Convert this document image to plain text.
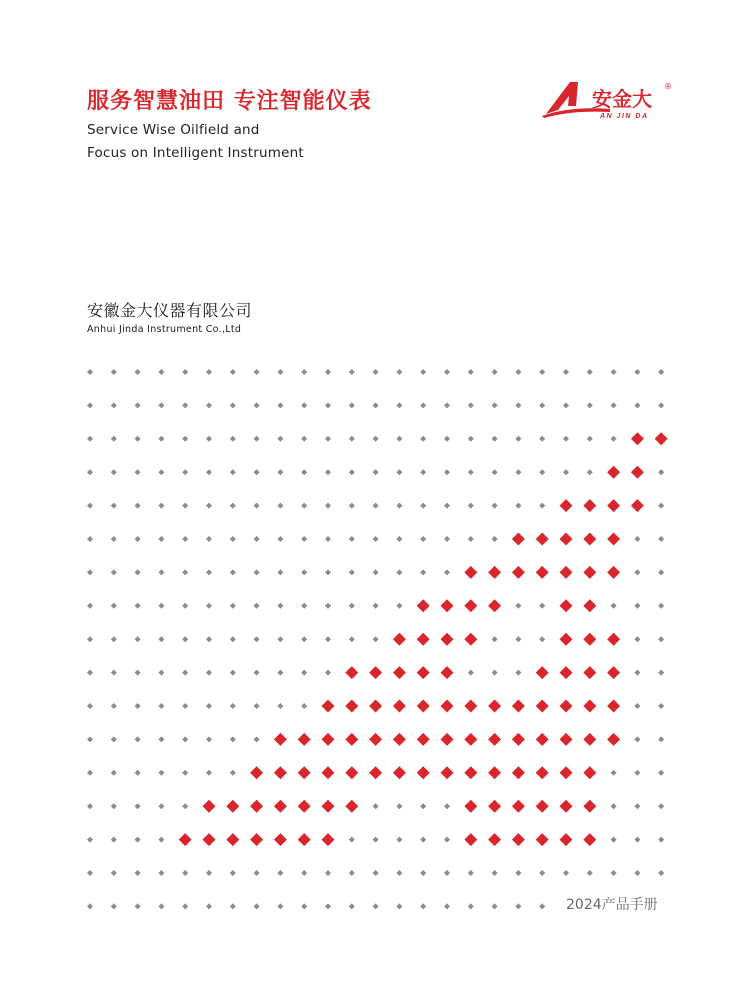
服务智慧油田 专注智能仪表
Service Wise Oilfield and
Focus on Intelligent Instrument
安金大
AN JIN DA
®
安徽金大仪器有限公司
Anhui Jinda Instrument Co.,Ltd
2024产品手册
